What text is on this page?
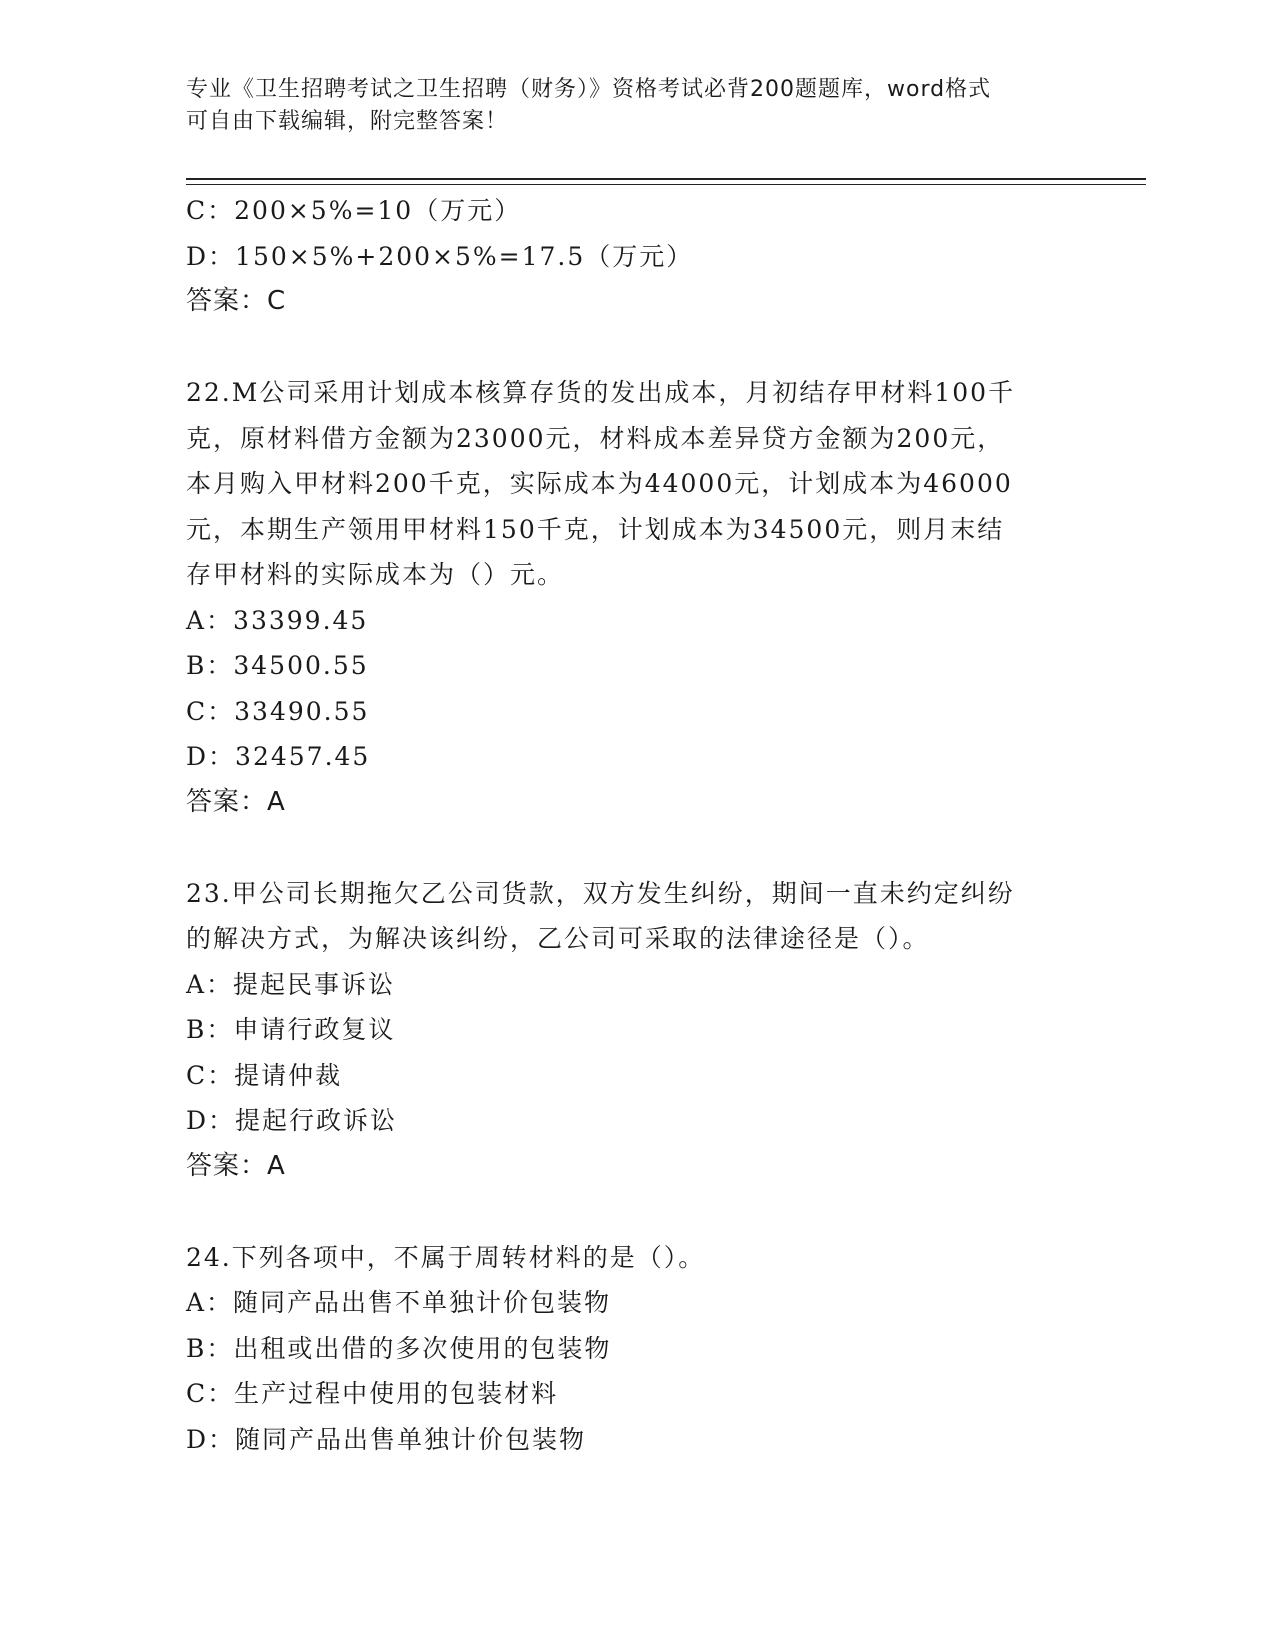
专业《卫生招聘考试之卫生招聘（财务）》资格考试必背200题题库，word格式
可自由下载编辑，附完整答案！
C：200×5%=10（万元）
D：150×5%+200×5%=17.5（万元）
答案：C
22.M公司采用计划成本核算存货的发出成本，月初结存甲材料100千
克，原材料借方金额为23000元，材料成本差异贷方金额为200元，
本月购入甲材料200千克，实际成本为44000元，计划成本为46000
元，本期生产领用甲材料150千克，计划成本为34500元，则月末结
存甲材料的实际成本为（）元。
A：33399.45
B：34500.55
C：33490.55
D：32457.45
答案：A
23.甲公司长期拖欠乙公司货款，双方发生纠纷，期间一直未约定纠纷
的解决方式，为解决该纠纷，乙公司可采取的法律途径是（）。
A：提起民事诉讼
B：申请行政复议
C：提请仲裁
D：提起行政诉讼
答案：A
24.下列各项中，不属于周转材料的是（）。
A：随同产品出售不单独计价包装物
B：出租或出借的多次使用的包装物
C：生产过程中使用的包装材料
D：随同产品出售单独计价包装物
